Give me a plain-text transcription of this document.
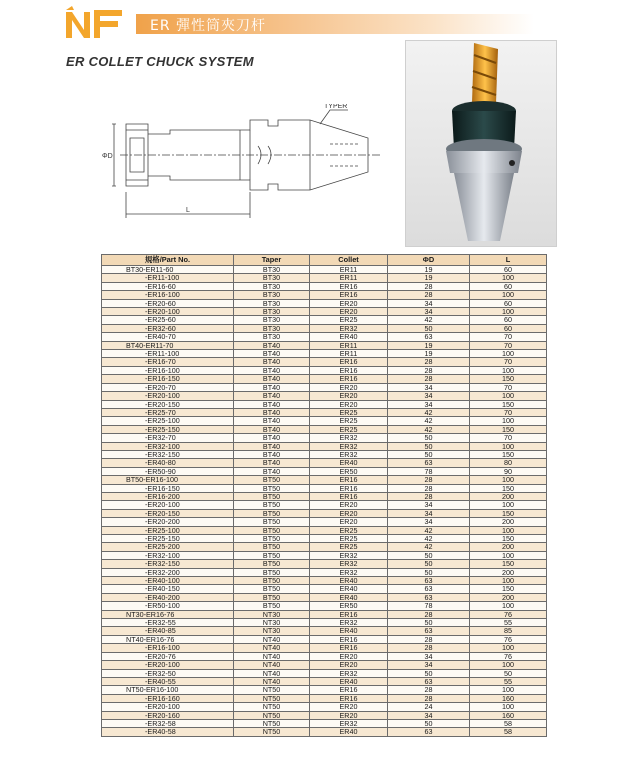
ER 彈性筒夾刀杆
ER COLLET CHUCK SYSTEM
TYPER
ΦD
L
規格/Part No.	Taper	Collet	ΦD	L
BT30-ER11-60	BT30	ER11	19	60
-ER11-100	BT30	ER11	19	100
-ER16-60	BT30	ER16	28	60
-ER16-100	BT30	ER16	28	100
-ER20-60	BT30	ER20	34	60
-ER20-100	BT30	ER20	34	100
-ER25-60	BT30	ER25	42	60
-ER32-60	BT30	ER32	50	60
-ER40-70	BT30	ER40	63	70
BT40-ER11-70	BT40	ER11	19	70
-ER11-100	BT40	ER11	19	100
-ER16-70	BT40	ER16	28	70
-ER16-100	BT40	ER16	28	100
-ER16-150	BT40	ER16	28	150
-ER20-70	BT40	ER20	34	70
-ER20-100	BT40	ER20	34	100
-ER20-150	BT40	ER20	34	150
-ER25-70	BT40	ER25	42	70
-ER25-100	BT40	ER25	42	100
-ER25-150	BT40	ER25	42	150
-ER32-70	BT40	ER32	50	70
-ER32-100	BT40	ER32	50	100
-ER32-150	BT40	ER32	50	150
-ER40-80	BT40	ER40	63	80
-ER50-90	BT40	ER50	78	90
BT50-ER16-100	BT50	ER16	28	100
-ER16-150	BT50	ER16	28	150
-ER16-200	BT50	ER16	28	200
-ER20-100	BT50	ER20	34	100
-ER20-150	BT50	ER20	34	150
-ER20-200	BT50	ER20	34	200
-ER25-100	BT50	ER25	42	100
-ER25-150	BT50	ER25	42	150
-ER25-200	BT50	ER25	42	200
-ER32-100	BT50	ER32	50	100
-ER32-150	BT50	ER32	50	150
-ER32-200	BT50	ER32	50	200
-ER40-100	BT50	ER40	63	100
-ER40-150	BT50	ER40	63	150
-ER40-200	BT50	ER40	63	200
-ER50-100	BT50	ER50	78	100
NT30-ER16-76	NT30	ER16	28	76
-ER32-55	NT30	ER32	50	55
-ER40-85	NT30	ER40	63	85
NT40-ER16-76	NT40	ER16	28	76
-ER16-100	NT40	ER16	28	100
-ER20-76	NT40	ER20	34	76
-ER20-100	NT40	ER20	34	100
-ER32-50	NT40	ER32	50	50
-ER40-55	NT40	ER40	63	55
NT50-ER16-100	NT50	ER16	28	100
-ER16-160	NT50	ER16	28	160
-ER20-100	NT50	ER20	24	100
-ER20-160	NT50	ER20	34	160
-ER32-58	NT50	ER32	50	58
-ER40-58	NT50	ER40	63	58
